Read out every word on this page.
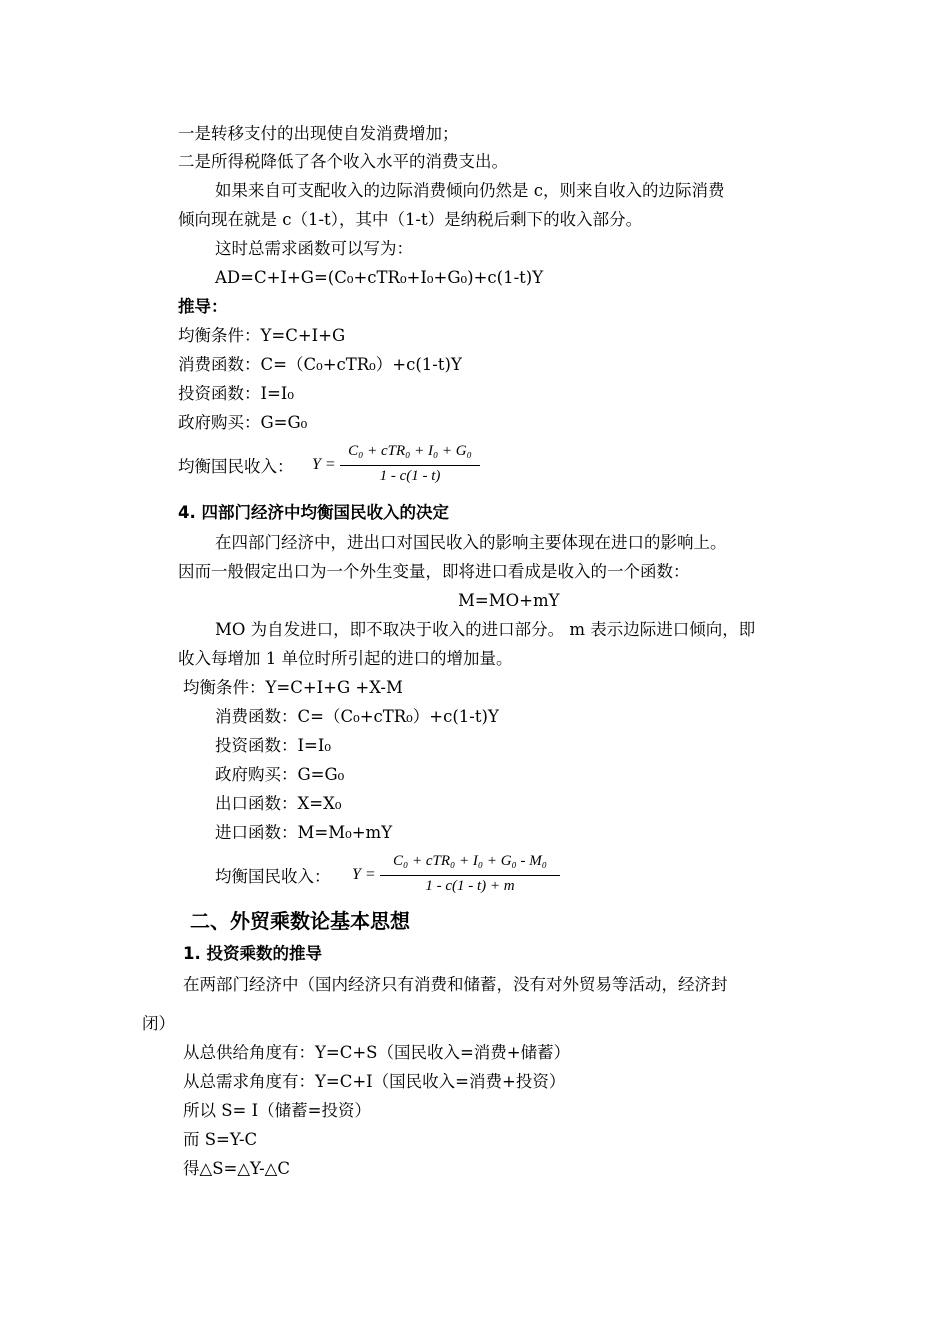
一是转移支付的出现使自发消费增加；
二是所得税降低了各个收入水平的消费支出。
如果来自可支配收入的边际消费倾向仍然是 c，则来自收入的边际消费
倾向现在就是 c（1-t），其中（1-t）是纳税后剩下的收入部分。
这时总需求函数可以写为：
AD=C+I+G=(C₀+cTR₀+I₀+G₀)+c(1-t)Y
推导：
均衡条件：Y=C+I+G
消费函数：C=（C₀+cTR₀）+c(1-t)Y
投资函数：I=I₀
政府购买：G=G₀
均衡国民收入： Y =
C₀ + cTR₀ + I₀ + G₀
1 - c(1 - t)
4. 四部门经济中均衡国民收入的决定
在四部门经济中，进出口对国民收入的影响主要体现在进口的影响上。
因而一般假定出口为一个外生变量，即将进口看成是收入的一个函数：
M=MO+mY
MO 为自发进口，即不取决于收入的进口部分。 m 表示边际进口倾向，即
收入每增加 1 单位时所引起的进口的增加量。
均衡条件：Y=C+I+G +X-M
消费函数：C=（C₀+cTR₀）+c(1-t)Y
投资函数：I=I₀
政府购买：G=G₀
出口函数：X=X₀
进口函数：M=M₀+mY
均衡国民收入： Y =
C₀ + cTR₀ + I₀ + G₀ - M₀
1 - c(1 - t) + m
二、外贸乘数论基本思想
1. 投资乘数的推导
在两部门经济中（国内经济只有消费和储蓄，没有对外贸易等活动，经济封
闭）
从总供给角度有：Y=C+S（国民收入=消费+储蓄）
从总需求角度有：Y=C+I（国民收入=消费+投资）
所以 S= I（储蓄=投资）
而 S=Y-C
得△S=△Y-△C
